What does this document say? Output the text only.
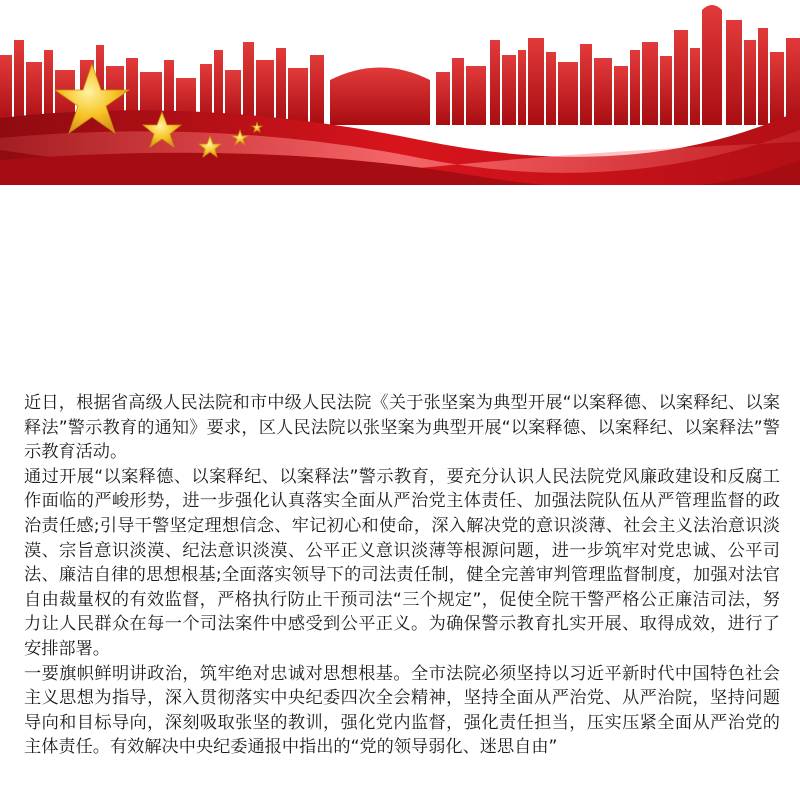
近日，根据省高级人民法院和市中级人民法院《关于张坚案为典型开展“以案释德、以案释纪、以案释法”警示教育的通知》要求，区人民法院以张坚案为典型开展“以案释德、以案释纪、以案释法”警示教育活动。

通过开展“以案释德、以案释纪、以案释法”警示教育，要充分认识人民法院党风廉政建设和反腐工作面临的严峻形势，进一步强化认真落实全面从严治党主体责任、加强法院队伍从严管理监督的政治责任感;引导干警坚定理想信念、牢记初心和使命，深入解决党的意识淡薄、社会主义法治意识淡漠、宗旨意识淡漠、纪法意识淡漠、公平正义意识淡薄等根源问题，进一步筑牢对党忠诚、公平司法、廉洁自律的思想根基;全面落实领导下的司法责任制，健全完善审判管理监督制度，加强对法官自由裁量权的有效监督，严格执行防止干预司法“三个规定”，促使全院干警严格公正廉洁司法，努力让人民群众在每一个司法案件中感受到公平正义。为确保警示教育扎实开展、取得成效，进行了安排部署。

一要旗帜鲜明讲政治，筑牢绝对忠诚对思想根基。全市法院必须坚持以习近平新时代中国特色社会主义思想为指导，深入贯彻落实中央纪委四次全会精神，坚持全面从严治党、从严治院，坚持问题导向和目标导向，深刻吸取张坚的教训，强化党内监督，强化责任担当，压实压紧全面从严治党的主体责任。有效解决中央纪委通报中指出的“党的领导弱化、迷思自由”
